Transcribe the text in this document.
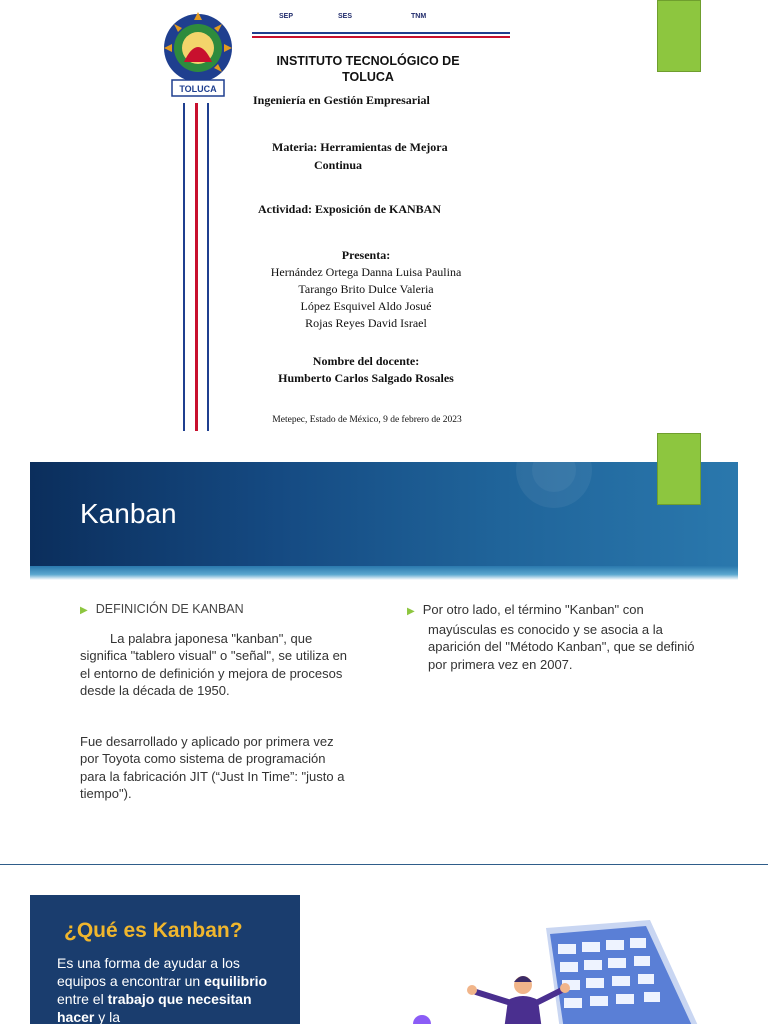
TOLUCA
SEP	SES	TNM
INSTITUTO TECNOLÓGICO DE TOLUCA
Ingeniería en Gestión Empresarial
Materia: Herramientas de Mejora
Continua
Actividad: Exposición de KANBAN
Presenta:
Hernández Ortega Danna Luisa Paulina
Tarango Brito Dulce Valeria
López Esquivel Aldo Josué
Rojas Reyes David Israel
Nombre del docente:
Humberto Carlos Salgado Rosales
Metepec, Estado de México, 9 de febrero de 2023
Kanban
▶ DEFINICIÓN DE KANBAN
La palabra japonesa "kanban", que significa "tablero visual" o "señal", se utiliza en el entorno de definición y mejora de procesos desde la década de 1950.
Fue desarrollado y aplicado por primera vez por Toyota como sistema de programación para la fabricación JIT (“Just In Time”: "justo a tiempo").
▶ Por otro lado, el término "Kanban" con mayúsculas es conocido y se asocia a la aparición del "Método Kanban", que se definió por primera vez en 2007.
¿Qué es Kanban?
Es una forma de ayudar a los equipos a encontrar un equilibrio entre el trabajo que necesitan hacer y la
